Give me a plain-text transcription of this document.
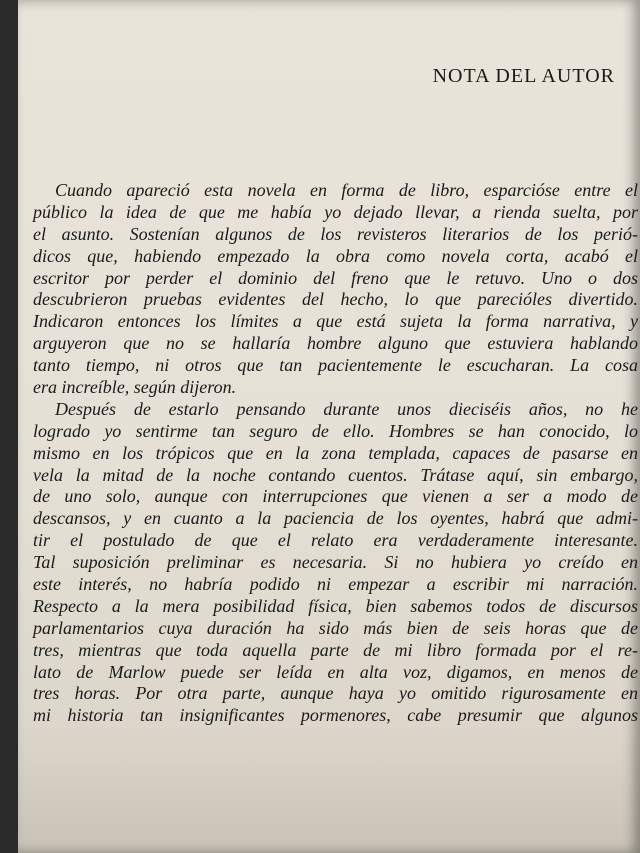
NOTA DEL AUTOR
Cuando apareció esta novela en forma de libro, esparcióse entre el
público la idea de que me había yo dejado llevar, a rienda suelta, por
el asunto. Sostenían algunos de los revisteros literarios de los perió-
dicos que, habiendo empezado la obra como novela corta, acabó el
escritor por perder el dominio del freno que le retuvo. Uno o dos
descubrieron pruebas evidentes del hecho, lo que parecióles divertido.
Indicaron entonces los límites a que está sujeta la forma narrativa, y
arguyeron que no se hallaría hombre alguno que estuviera hablando
tanto tiempo, ni otros que tan pacientemente le escucharan. La cosa
era increíble, según dijeron.
Después de estarlo pensando durante unos dieciséis años, no he
logrado yo sentirme tan seguro de ello. Hombres se han conocido, lo
mismo en los trópicos que en la zona templada, capaces de pasarse en
vela la mitad de la noche contando cuentos. Trátase aquí, sin embargo,
de uno solo, aunque con interrupciones que vienen a ser a modo de
descansos, y en cuanto a la paciencia de los oyentes, habrá que admi-
tir el postulado de que el relato era verdaderamente interesante.
Tal suposición preliminar es necesaria. Si no hubiera yo creído en
este interés, no habría podido ni empezar a escribir mi narración.
Respecto a la mera posibilidad física, bien sabemos todos de discursos
parlamentarios cuya duración ha sido más bien de seis horas que de
tres, mientras que toda aquella parte de mi libro formada por el re-
lato de Marlow puede ser leída en alta voz, digamos, en menos de
tres horas. Por otra parte, aunque haya yo omitido rigurosamente en
mi historia tan insignificantes pormenores, cabe presumir que algunos
